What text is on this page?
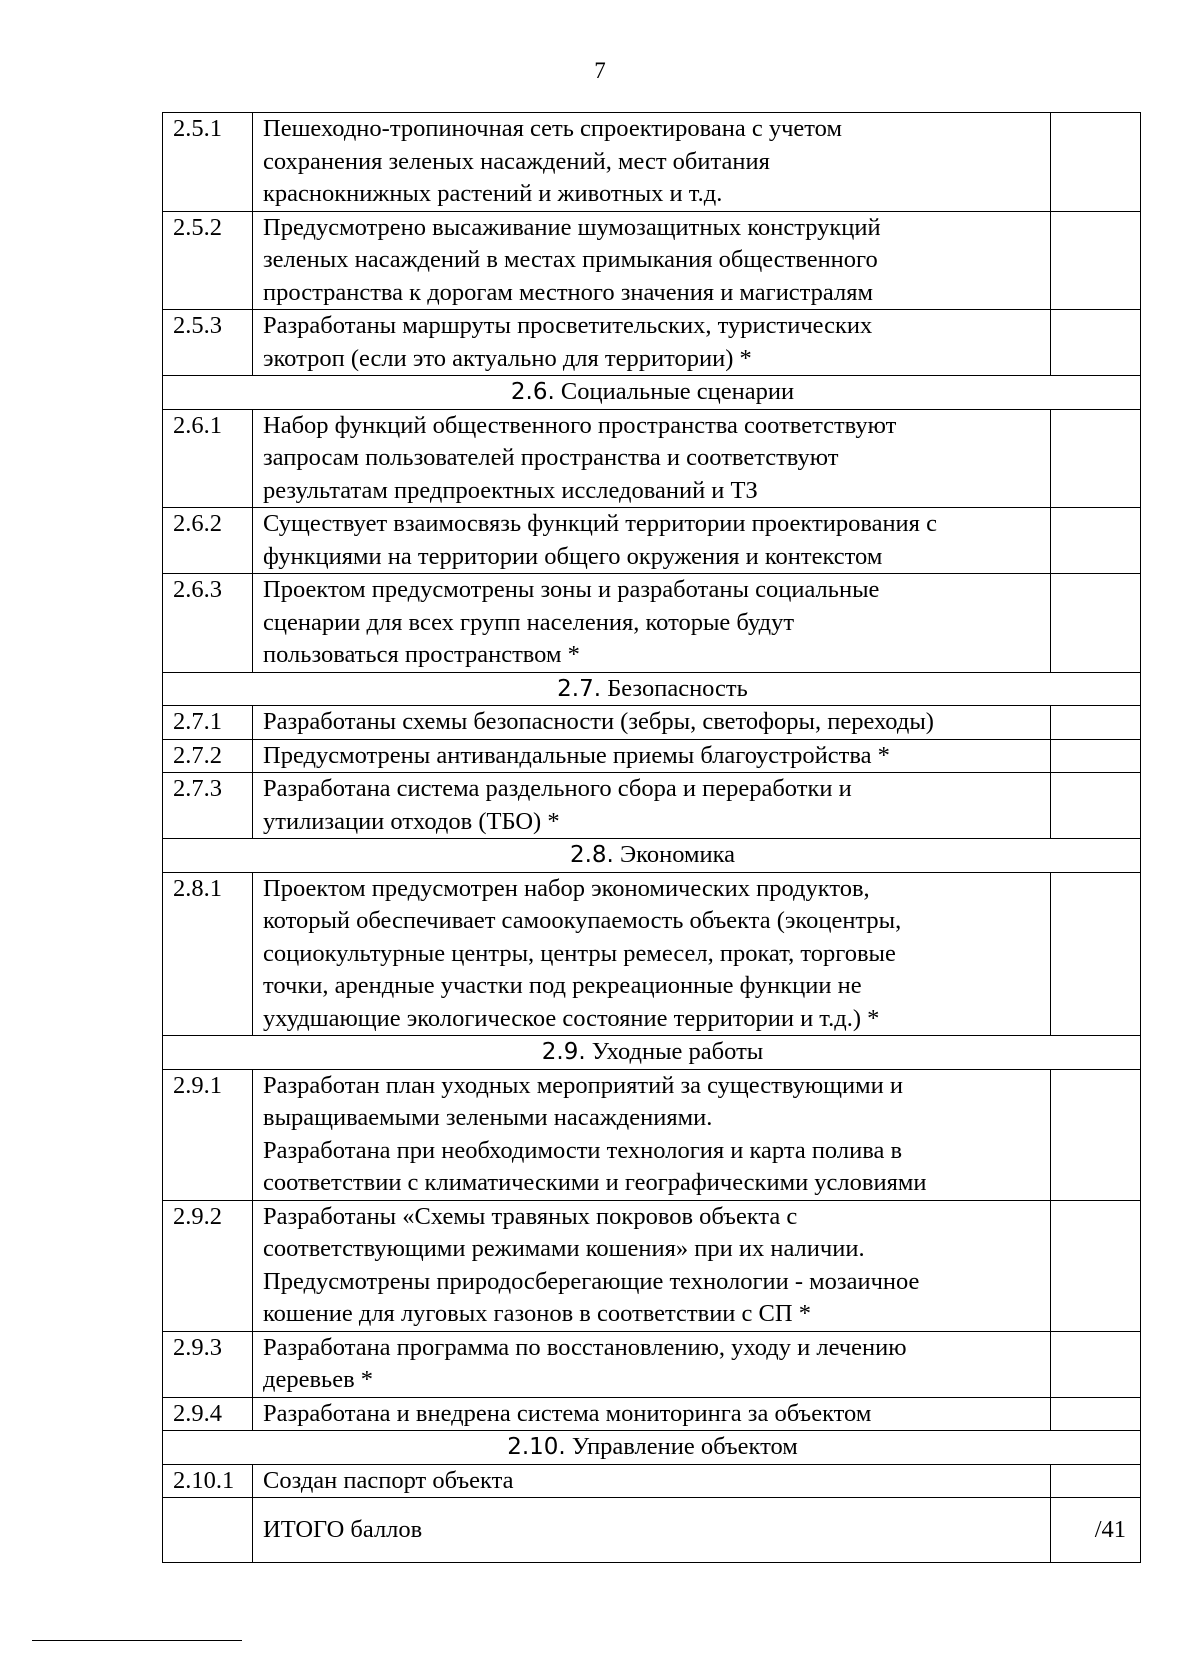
7
2.5.1	Пешеходно-тропиночная сеть спроектирована с учетом
сохранения зеленых насаждений, мест обитания
краснокнижных растений и животных и т.д.	
2.5.2	Предусмотрено высаживание шумозащитных конструкций
зеленых насаждений в местах примыкания общественного
пространства к дорогам местного значения и магистралям	
2.5.3	Разработаны маршруты просветительских, туристических
экотроп (если это актуально для территории) *	
2.6. Социальные сценарии		
2.6.1	Набор функций общественного пространства соответствуют
запросам пользователей пространства и соответствуют
результатам предпроектных исследований и ТЗ	
2.6.2	Существует взаимосвязь функций территории проектирования с
функциями на территории общего окружения и контекстом	
2.6.3	Проектом предусмотрены зоны и разработаны социальные
сценарии для всех групп населения, которые будут
пользоваться пространством *	
2.7. Безопасность		
2.7.1	Разработаны схемы безопасности (зебры, светофоры, переходы)	
2.7.2	Предусмотрены антивандальные приемы благоустройства *	
2.7.3	Разработана система раздельного сбора и переработки и
утилизации отходов (ТБО) *	
2.8. Экономика		
2.8.1	Проектом предусмотрен набор экономических продуктов,
который обеспечивает самоокупаемость объекта (экоцентры,
социокультурные центры, центры ремесел, прокат, торговые
точки, арендные участки под рекреационные функции не
ухудшающие экологическое состояние территории и т.д.) *	
2.9. Уходные работы		
2.9.1	Разработан план уходных мероприятий за существующими и
выращиваемыми зелеными насаждениями.
Разработана при необходимости технология и карта полива в
соответствии с климатическими и географическими условиями	
2.9.2	Разработаны «Схемы травяных покровов объекта с
соответствующими режимами кошения» при их наличии.
Предусмотрены природосберегающие технологии - мозаичное
кошение для луговых газонов в соответствии с СП *	
2.9.3	Разработана программа по восстановлению, уходу и лечению
деревьев *	
2.9.4	Разработана и внедрена система мониторинга за объектом	
2.10. Управление объектом		
2.10.1	Создан паспорт объекта	
	ИТОГО баллов	/41
